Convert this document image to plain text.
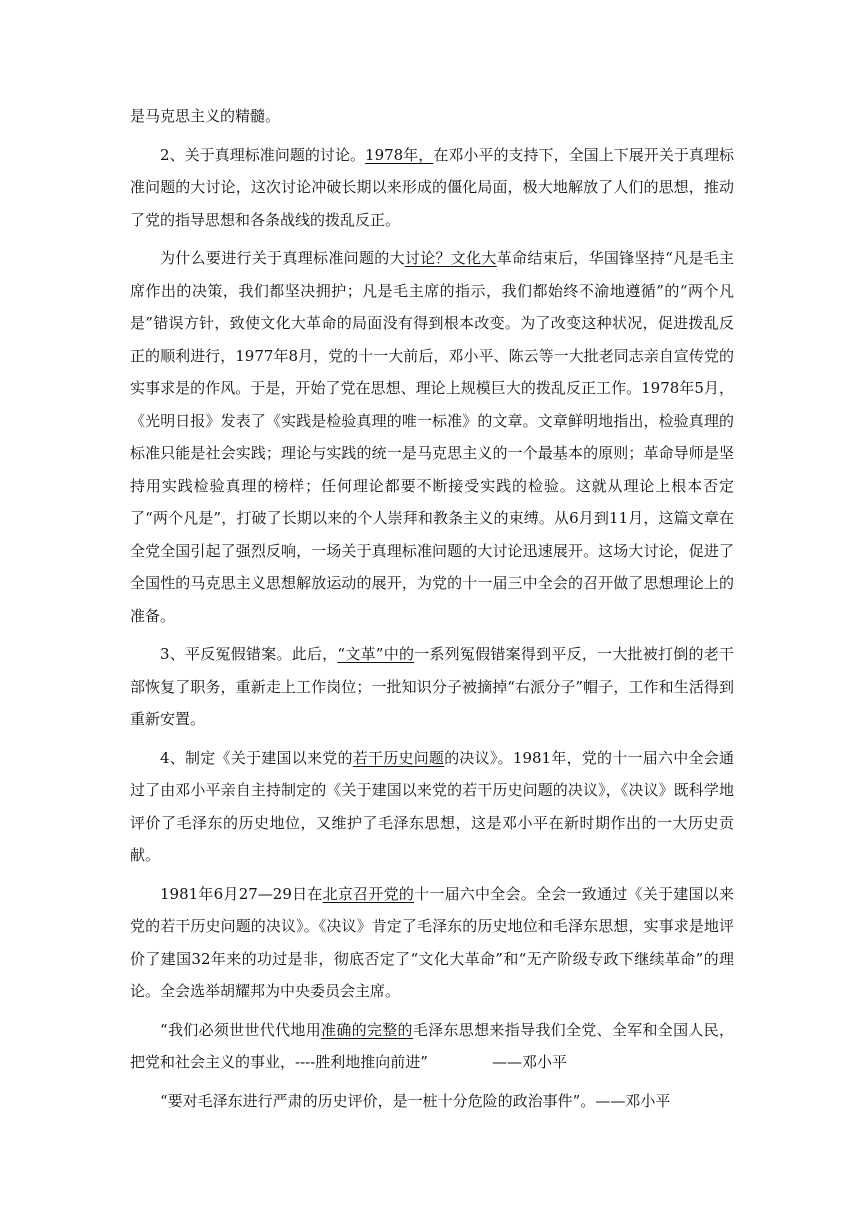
是马克思主义的精髓。

2、关于真理标准问题的讨论。1978年，在邓小平的支持下，全国上下展开关于真理标准问题的大讨论，这次讨论冲破长期以来形成的僵化局面，极大地解放了人们的思想，推动了党的指导思想和各条战线的拨乱反正。

为什么要进行关于真理标准问题的大讨论？文化大革命结束后，华国锋坚持“凡是毛主席作出的决策，我们都坚决拥护；凡是毛主席的指示，我们都始终不渝地遵循”的“两个凡是”错误方针，致使文化大革命的局面没有得到根本改变。为了改变这种状况，促进拨乱反正的顺利进行，1977年8月，党的十一大前后，邓小平、陈云等一大批老同志亲自宣传党的实事求是的作风。于是，开始了党在思想、理论上规模巨大的拨乱反正工作。1978年5月，《光明日报》发表了《实践是检验真理的唯一标准》的文章。文章鲜明地指出，检验真理的标准只能是社会实践；理论与实践的统一是马克思主义的一个最基本的原则；革命导师是坚持用实践检验真理的榜样；任何理论都要不断接受实践的检验。这就从理论上根本否定了“两个凡是”，打破了长期以来的个人崇拜和教条主义的束缚。从6月到11月，这篇文章在全党全国引起了强烈反响，一场关于真理标准问题的大讨论迅速展开。这场大讨论，促进了全国性的马克思主义思想解放运动的展开，为党的十一届三中全会的召开做了思想理论上的准备。

3、平反冤假错案。此后，“文革”中的一系列冤假错案得到平反，一大批被打倒的老干部恢复了职务，重新走上工作岗位；一批知识分子被摘掉“右派分子”帽子，工作和生活得到重新安置。

4、制定《关于建国以来党的若干历史问题的决议》。1981年，党的十一届六中全会通过了由邓小平亲自主持制定的《关于建国以来党的若干历史问题的决议》，《决议》既科学地评价了毛泽东的历史地位，又维护了毛泽东思想，这是邓小平在新时期作出的一大历史贡献。

1981年6月27—29日在北京召开党的十一届六中全会。全会一致通过《关于建国以来党的若干历史问题的决议》。《决议》肯定了毛泽东的历史地位和毛泽东思想，实事求是地评价了建国32年来的功过是非，彻底否定了“文化大革命”和“无产阶级专政下继续革命”的理论。全会选举胡耀邦为中央委员会主席。

“我们必须世世代代地用准确的完整的毛泽东思想来指导我们全党、全军和全国人民，把党和社会主义的事业，----胜利地推向前进”	——邓小平

“要对毛泽东进行严肃的历史评价，是一桩十分危险的政治事件”。——邓小平
